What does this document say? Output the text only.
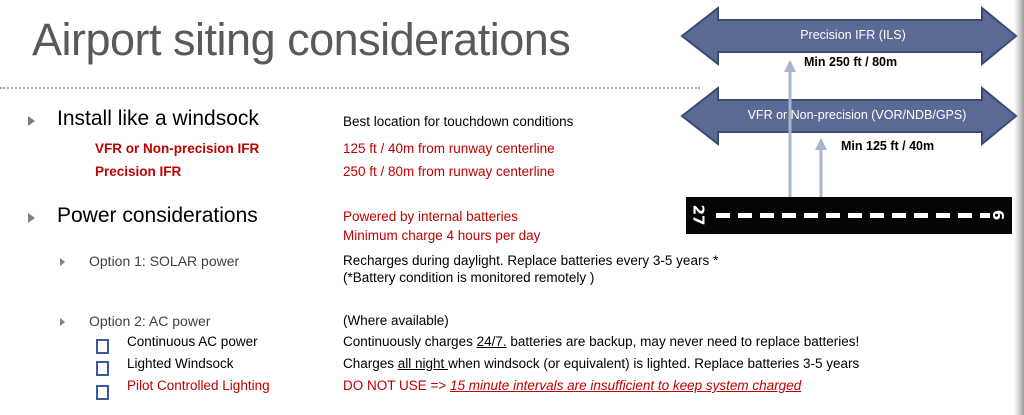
Airport siting considerations
Install like a windsock	Best location for touchdown conditions
VFR or Non-precision IFR	125 ft / 40m from runway centerline
Precision IFR	250 ft / 80m from runway centerline
Power considerations	Powered by internal batteries
Minimum charge 4 hours per day
Option 1: SOLAR power	Recharges during daylight. Replace batteries every 3-5 years *
(*Battery condition is monitored remotely )
Option 2: AC power	(Where available)
Continuous AC power	Continuously charges 24/7. batteries are backup, may never need to replace batteries!
Lighted Windsock	Charges all night when windsock (or equivalent) is lighted. Replace batteries 3-5 years
Pilot Controlled Lighting	DO NOT USE => 15 minute intervals are insufficient to keep system charged
Precision IFR (ILS)
Min 250 ft / 80m
VFR or Non-precision (VOR/NDB/GPS)
Min 125 ft / 40m
27	9
